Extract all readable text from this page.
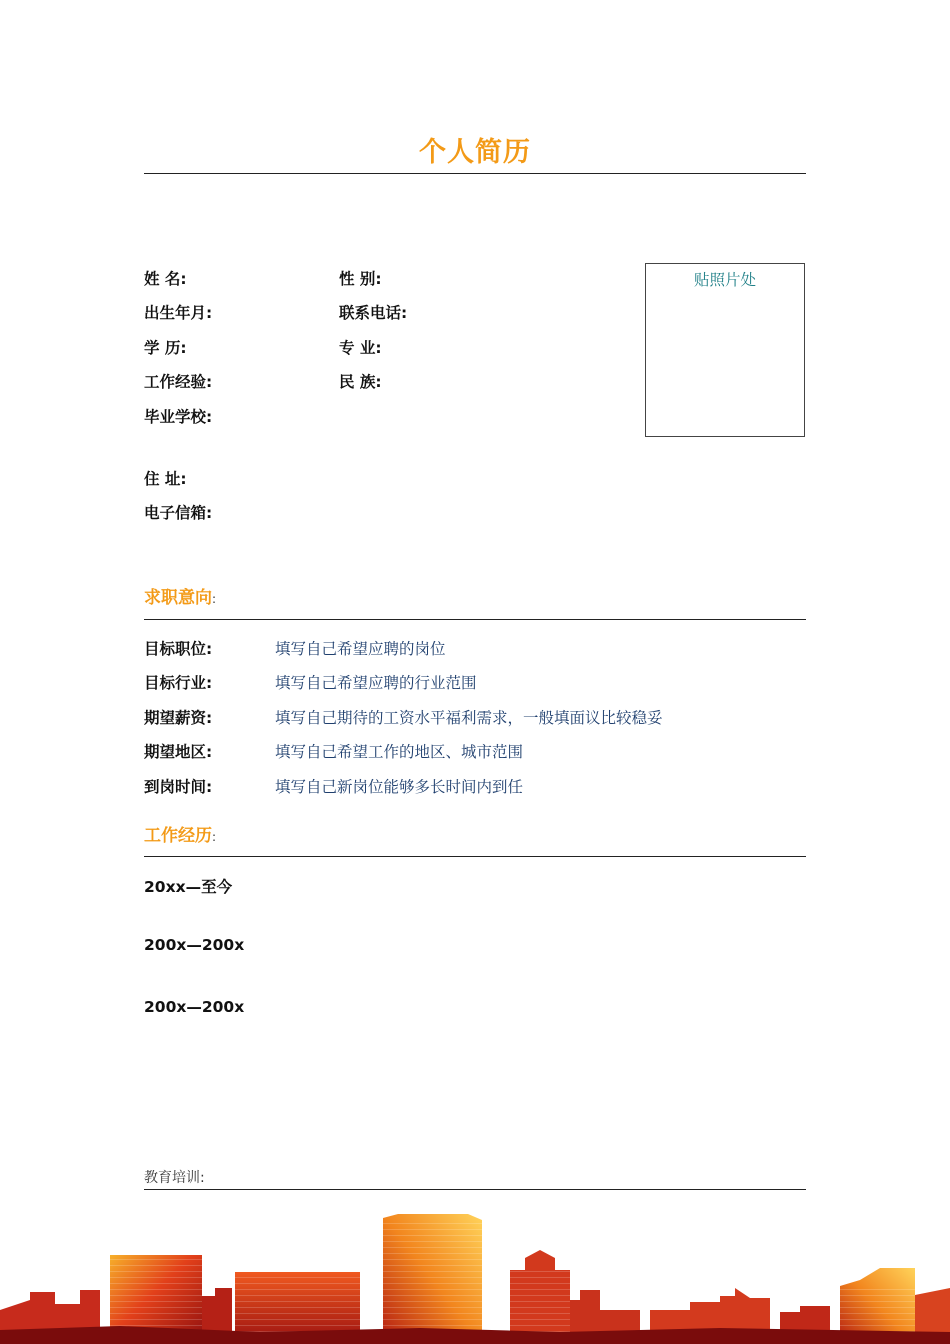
个人简历
姓 名:	性 别:
出生年月:	联系电话:
学 历:	专 业:
工作经验:	民 族:
毕业学校:
住 址:
电子信箱:
贴照片处
求职意向:
目标职位:	填写自己希望应聘的岗位
目标行业:	填写自己希望应聘的行业范围
期望薪资:	填写自己期待的工资水平福利需求，一般填面议比较稳妥
期望地区:	填写自己希望工作的地区、城市范围
到岗时间:	填写自己新岗位能够多长时间内到任
工作经历:
20xx—至今
200x—200x
200x—200x
教育培训:
